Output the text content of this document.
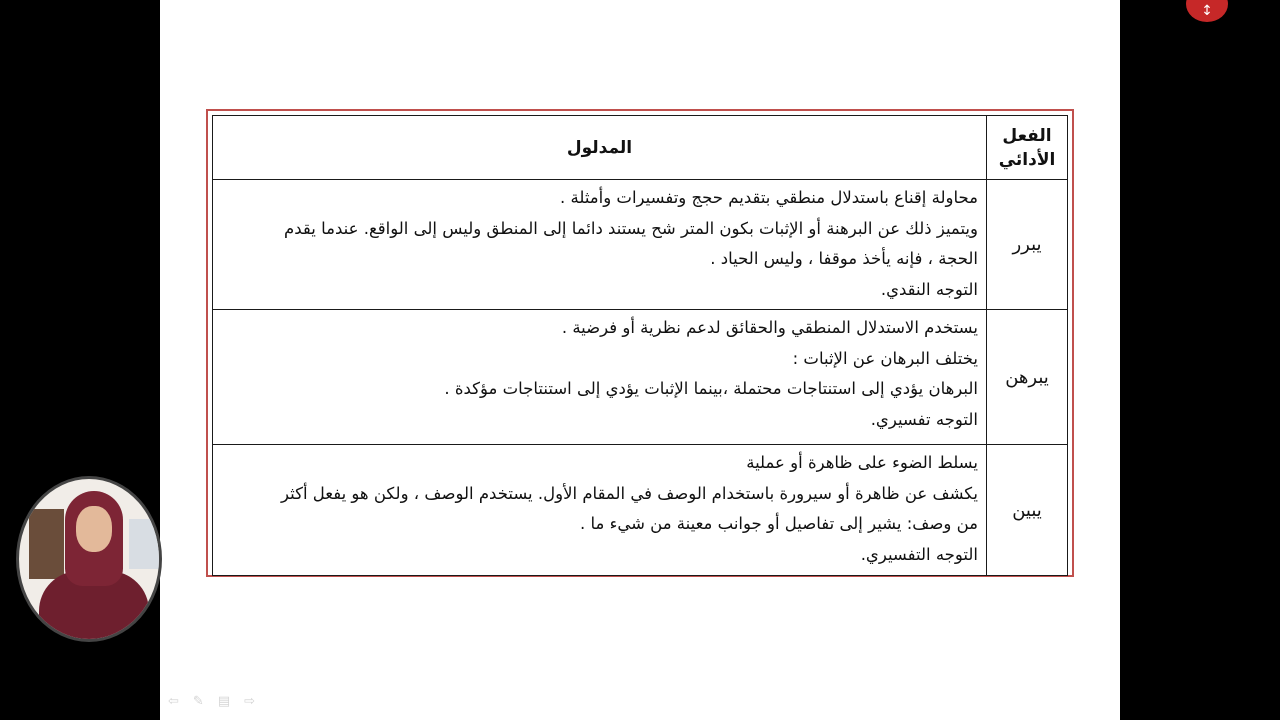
الفعل
الأدائي	المدلول
يبرر	محاولة إقناع باستدلال منطقي بتقديم حجج وتفسيرات وأمثلة .
ويتميز ذلك عن البرهنة أو الإثبات بكون المتر شح يستند دائما إلى المنطق وليس إلى الواقع. عندما يقدم
الحجة ، فإنه يأخذ موقفا ، وليس الحياد .
التوجه النقدي.

يبرهن	يستخدم الاستدلال المنطقي والحقائق لدعم نظرية أو فرضية .
يختلف البرهان عن الإثبات :
البرهان يؤدي إلى استنتاجات محتملة ،بينما الإثبات يؤدي إلى استنتاجات مؤكدة .
التوجه تفسيري.

يبين	يسلط الضوء على ظاهرة أو عملية
يكشف عن ظاهرة أو سيرورة باستخدام الوصف في المقام الأول. يستخدم الوصف ، ولكن هو يفعل أكثر
من وصف: يشير إلى تفاصيل أو جوانب معينة من شيء ما .
التوجه التفسيري.
↕
⇦ ✎ ▤ ⇨
